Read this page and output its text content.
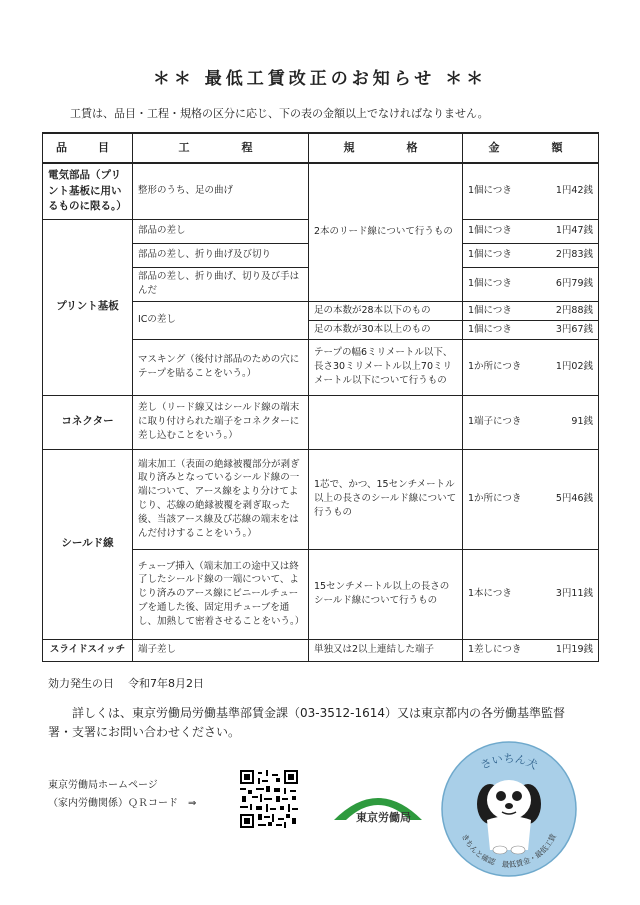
＊＊ 最低工賃改正のお知らせ ＊＊
工賃は、品目・工程・規格の区分に応じ、下の表の金額以上でなければなりません。
品　目	工　　程	規　　格	金　　額
電気部品（プリント基板に用いるものに限る。）	整形のうち、足の曲げ	2本のリード線について行うもの	1個につき 1円42銭

プリント基板	部品の差し		1個につき 1円47銭

	部品の差し、折り曲げ及び切り		1個につき 2円83銭

	部品の差し、折り曲げ、切り及び手はんだ		1個につき 6円79銭

	ICの差し	足の本数が28本以下のもの	1個につき 2円88銭

		足の本数が30本以上のもの	1個につき 3円67銭

	マスキング（後付け部品のための穴にテープを貼ることをいう。）	テープの幅6ミリメートル以下、長さ30ミリメートル以上70ミリメートル以下について行うもの	1か所につき 1円02銭

コネクター	差し（リード線又はシールド線の端末に取り付けられた端子をコネクターに差し込むことをいう。）		1端子につき 91銭

シールド線	端末加工（表面の絶縁被覆部分が剥ぎ取り済みとなっているシールド線の一端について、アース線をより分けてよじり、芯線の絶縁被覆を剥ぎ取った後、当該アース線及び芯線の端末をはんだ付けすることをいう。）	1芯で、かつ、15センチメートル以上の長さのシールド線について行うもの	1か所につき 5円46銭

	チューブ挿入（端末加工の途中又は終了したシールド線の一端について、よじり済みのアース線にビニールチューブを通した後、固定用チューブを通し、加熱して密着させることをいう。）	15センチメートル以上の長さのシールド線について行うもの	1本につき 3円11銭

スライドスイッチ	端子差し	単独又は2以上連結した端子	1差しにつき 1円19銭
効力発生の日 令和7年8月2日
詳しくは、東京労働局労働基準部賃金課（03-3512-1614）又は東京都内の各労働基準監督署・支署にお問い合わせください。
東京労働局ホームページ
（家内労働関係）ＱＲコード　⇒
東京労働局
さいちん犬
きちんと確認　最低賃金・最低工賃
